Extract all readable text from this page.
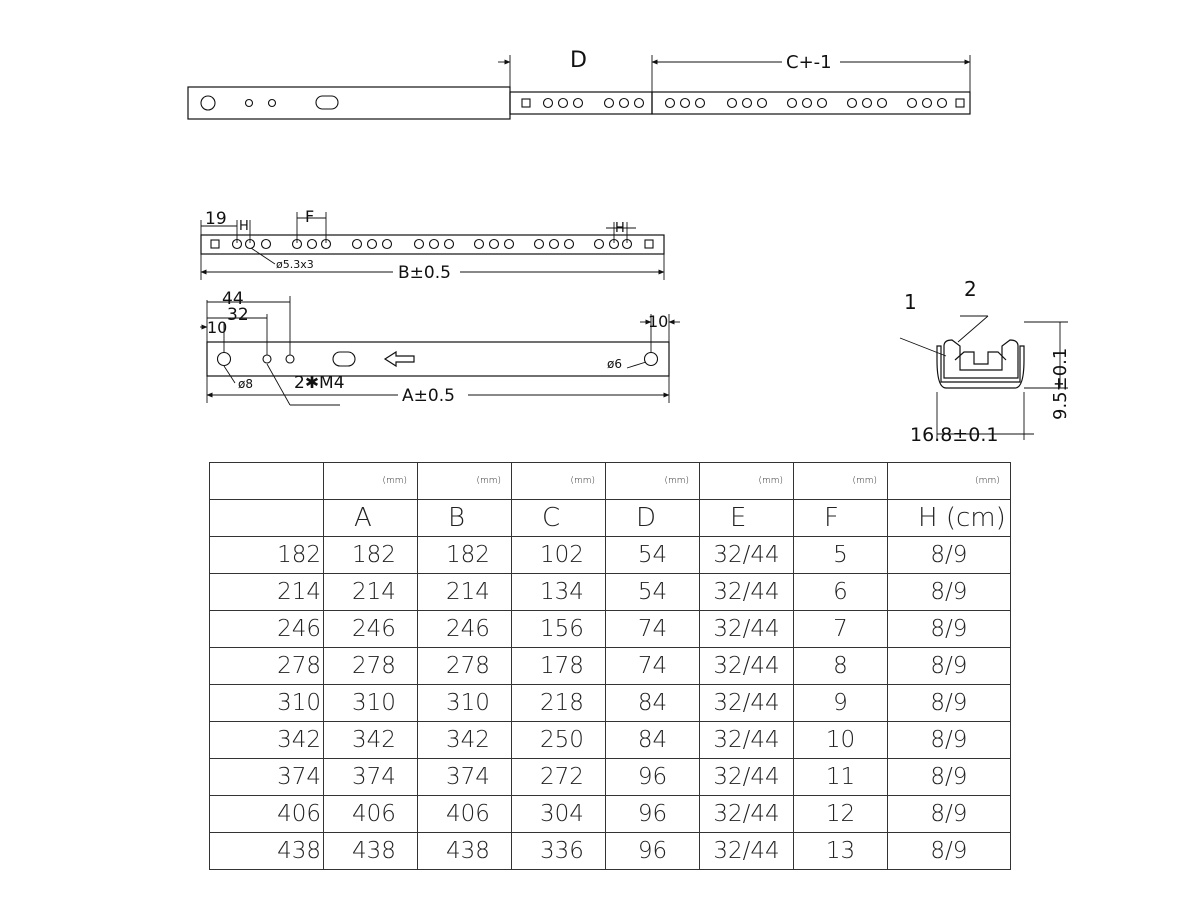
D	C+-1
19 H
F
H
ø5.3x3	B±0.5
44
32
10	10
ø8 2✱M4
ø6
A±0.5
1
2
9.5±0.1
16.8±0.1
	(mm)	(mm)	(mm)	(mm)	(mm)	(mm)	(mm)
	A	B	C	D	E	F	H (cm)
182	182	182	102	54	32/44	5	8/9
214	214	214	134	54	32/44	6	8/9
246	246	246	156	74	32/44	7	8/9
278	278	278	178	74	32/44	8	8/9
310	310	310	218	84	32/44	9	8/9
342	342	342	250	84	32/44	10	8/9
374	374	374	272	96	32/44	11	8/9
406	406	406	304	96	32/44	12	8/9
438	438	438	336	96	32/44	13	8/9
